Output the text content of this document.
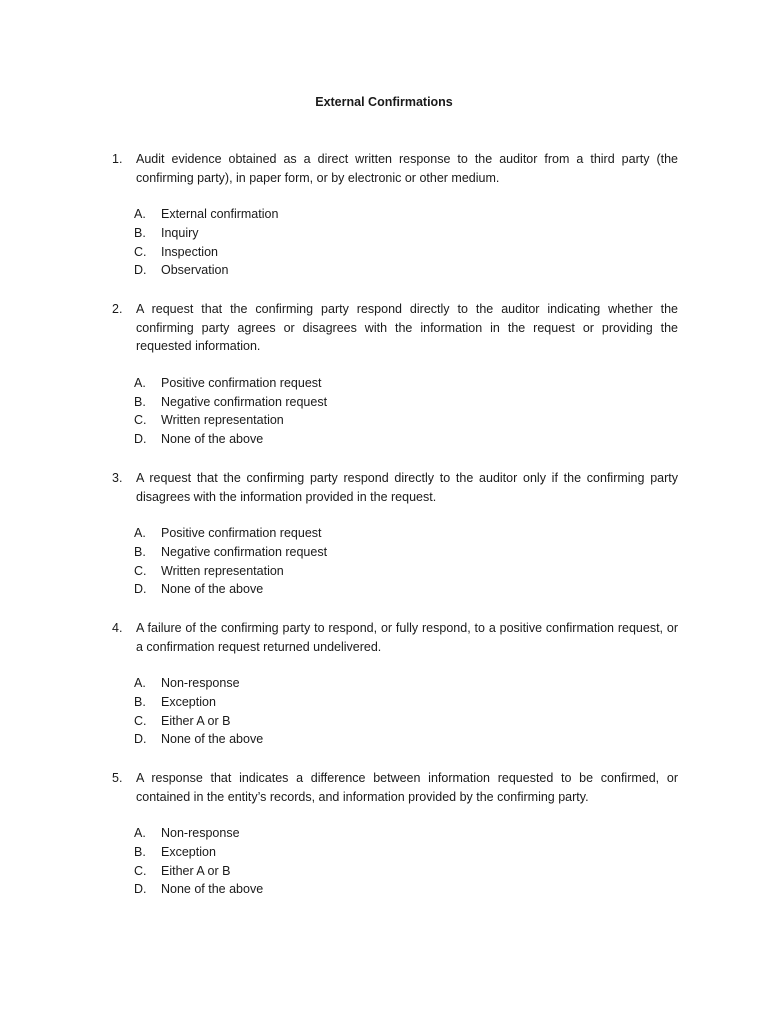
External Confirmations
1.	Audit evidence obtained as a direct written response to the auditor from a third party (the confirming party), in paper form, or by electronic or other medium.
A.	External confirmation
B.	Inquiry
C.	Inspection
D.	Observation
2.	A request that the confirming party respond directly to the auditor indicating whether the confirming party agrees or disagrees with the information in the request or providing the requested information.
A.	Positive confirmation request
B.	Negative confirmation request
C.	Written representation
D.	None of the above
3.	A request that the confirming party respond directly to the auditor only if the confirming party disagrees with the information provided in the request.
A.	Positive confirmation request
B.	Negative confirmation request
C.	Written representation
D.	None of the above
4.	A failure of the confirming party to respond, or fully respond, to a positive confirmation request, or a confirmation request returned undelivered.
A.	Non-response
B.	Exception
C.	Either A or B
D.	None of the above
5.	A response that indicates a difference between information requested to be confirmed, or contained in the entity’s records, and information provided by the confirming party.
A.	Non-response
B.	Exception
C.	Either A or B
D.	None of the above
